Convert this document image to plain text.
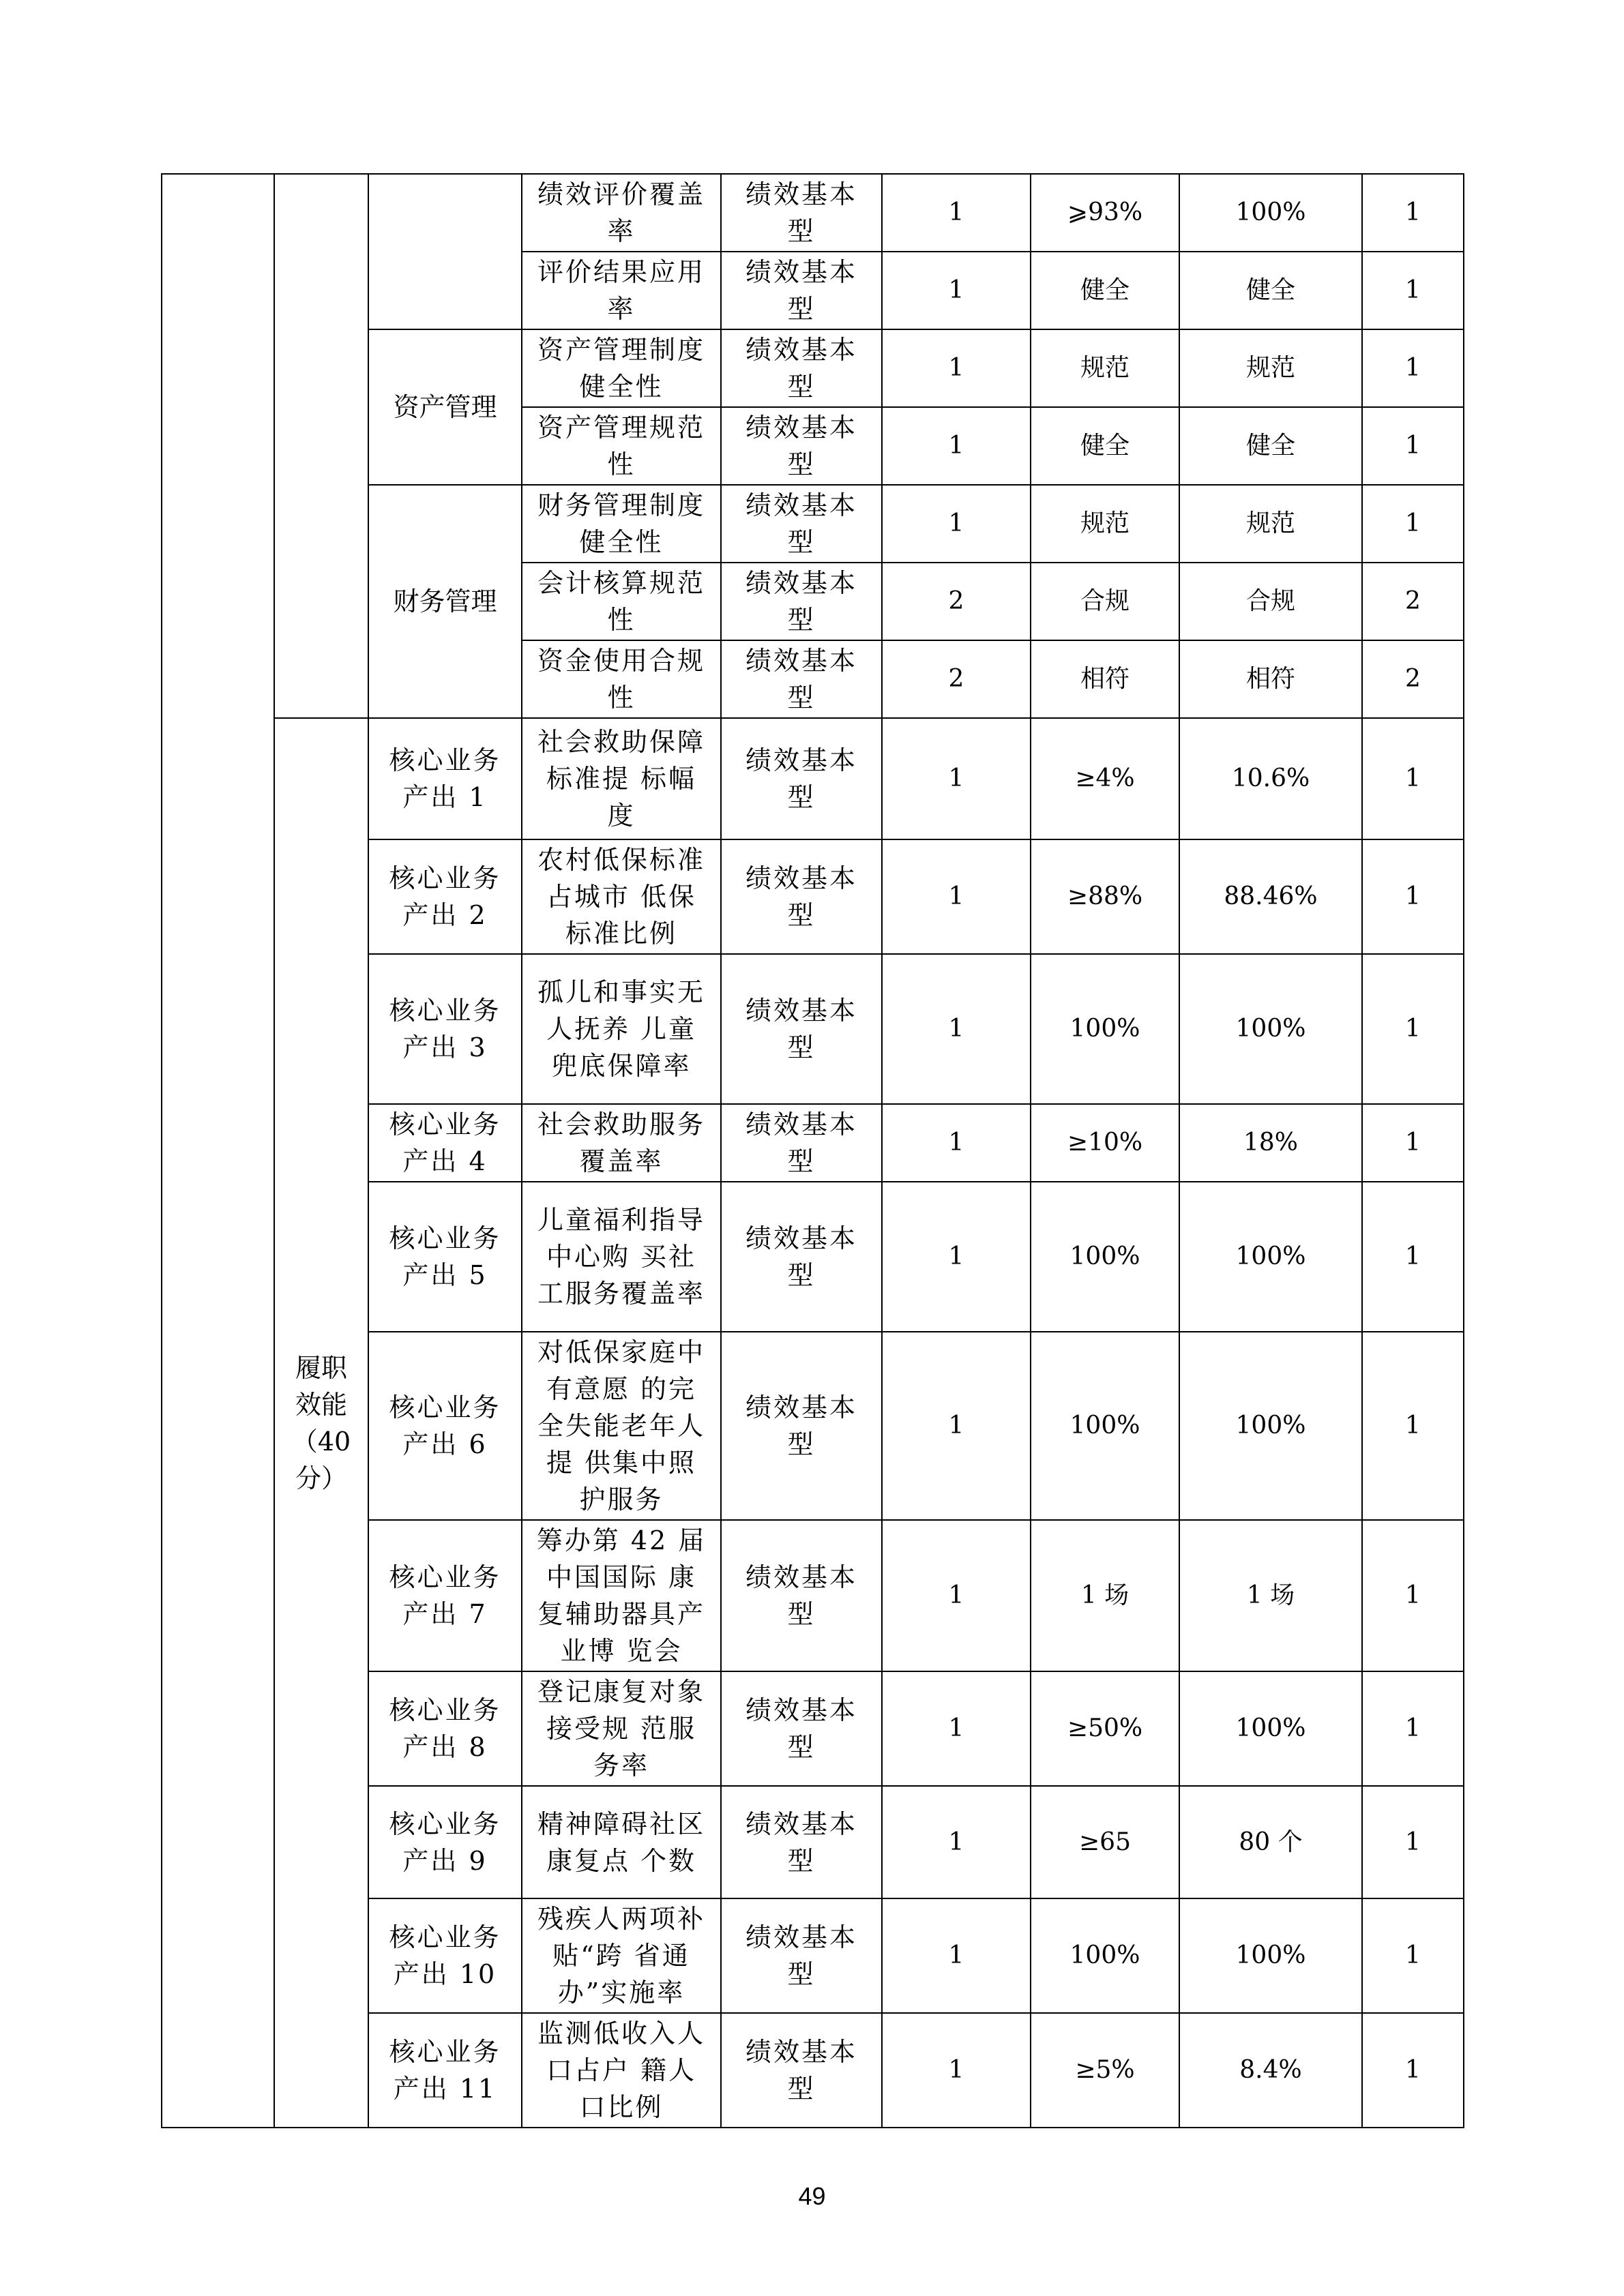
			绩效评价覆盖率	绩效基本型	1	⩾93%	100%	1
			评价结果应用率	绩效基本型	1	健全	健全	1
		资产管理	资产管理制度健全性	绩效基本型	1	规范	规范	1
			资产管理规范性	绩效基本型	1	健全	健全	1
		财务管理	财务管理制度健全性	绩效基本型	1	规范	规范	1
			会计核算规范性	绩效基本型	2	合规	合规	2
			资金使用合规性	绩效基本型	2	相符	相符	2
	履职效能（40分）	核心业务产出 1	社会救助保障标准提 标幅度	绩效基本型	1	≥4%	10.6%	1
		核心业务产出 2	农村低保标准占城市 低保标准比例	绩效基本型	1	≥88%	88.46%	1
		核心业务产出 3	孤儿和事实无人抚养 儿童兜底保障率	绩效基本型	1	100%	100%	1
		核心业务产出 4	社会救助服务覆盖率	绩效基本型	1	≥10%	18%	1
		核心业务产出 5	儿童福利指导中心购 买社工服务覆盖率	绩效基本型	1	100%	100%	1
		核心业务产出 6	对低保家庭中有意愿 的完全失能老年人提 供集中照护服务	绩效基本型	1	100%	100%	1
		核心业务产出 7	筹办第 42 届中国国际 康复辅助器具产业博 览会	绩效基本型	1	1 场	1 场	1
		核心业务产出 8	登记康复对象接受规 范服务率	绩效基本型	1	≥50%	100%	1
		核心业务产出 9	精神障碍社区康复点 个数	绩效基本型	1	≥65	80 个	1
		核心业务产出 10	残疾人两项补贴“跨 省通办”实施率	绩效基本型	1	100%	100%	1
		核心业务产出 11	监测低收入人口占户 籍人口比例	绩效基本型	1	≥5%	8.4%	1
49
